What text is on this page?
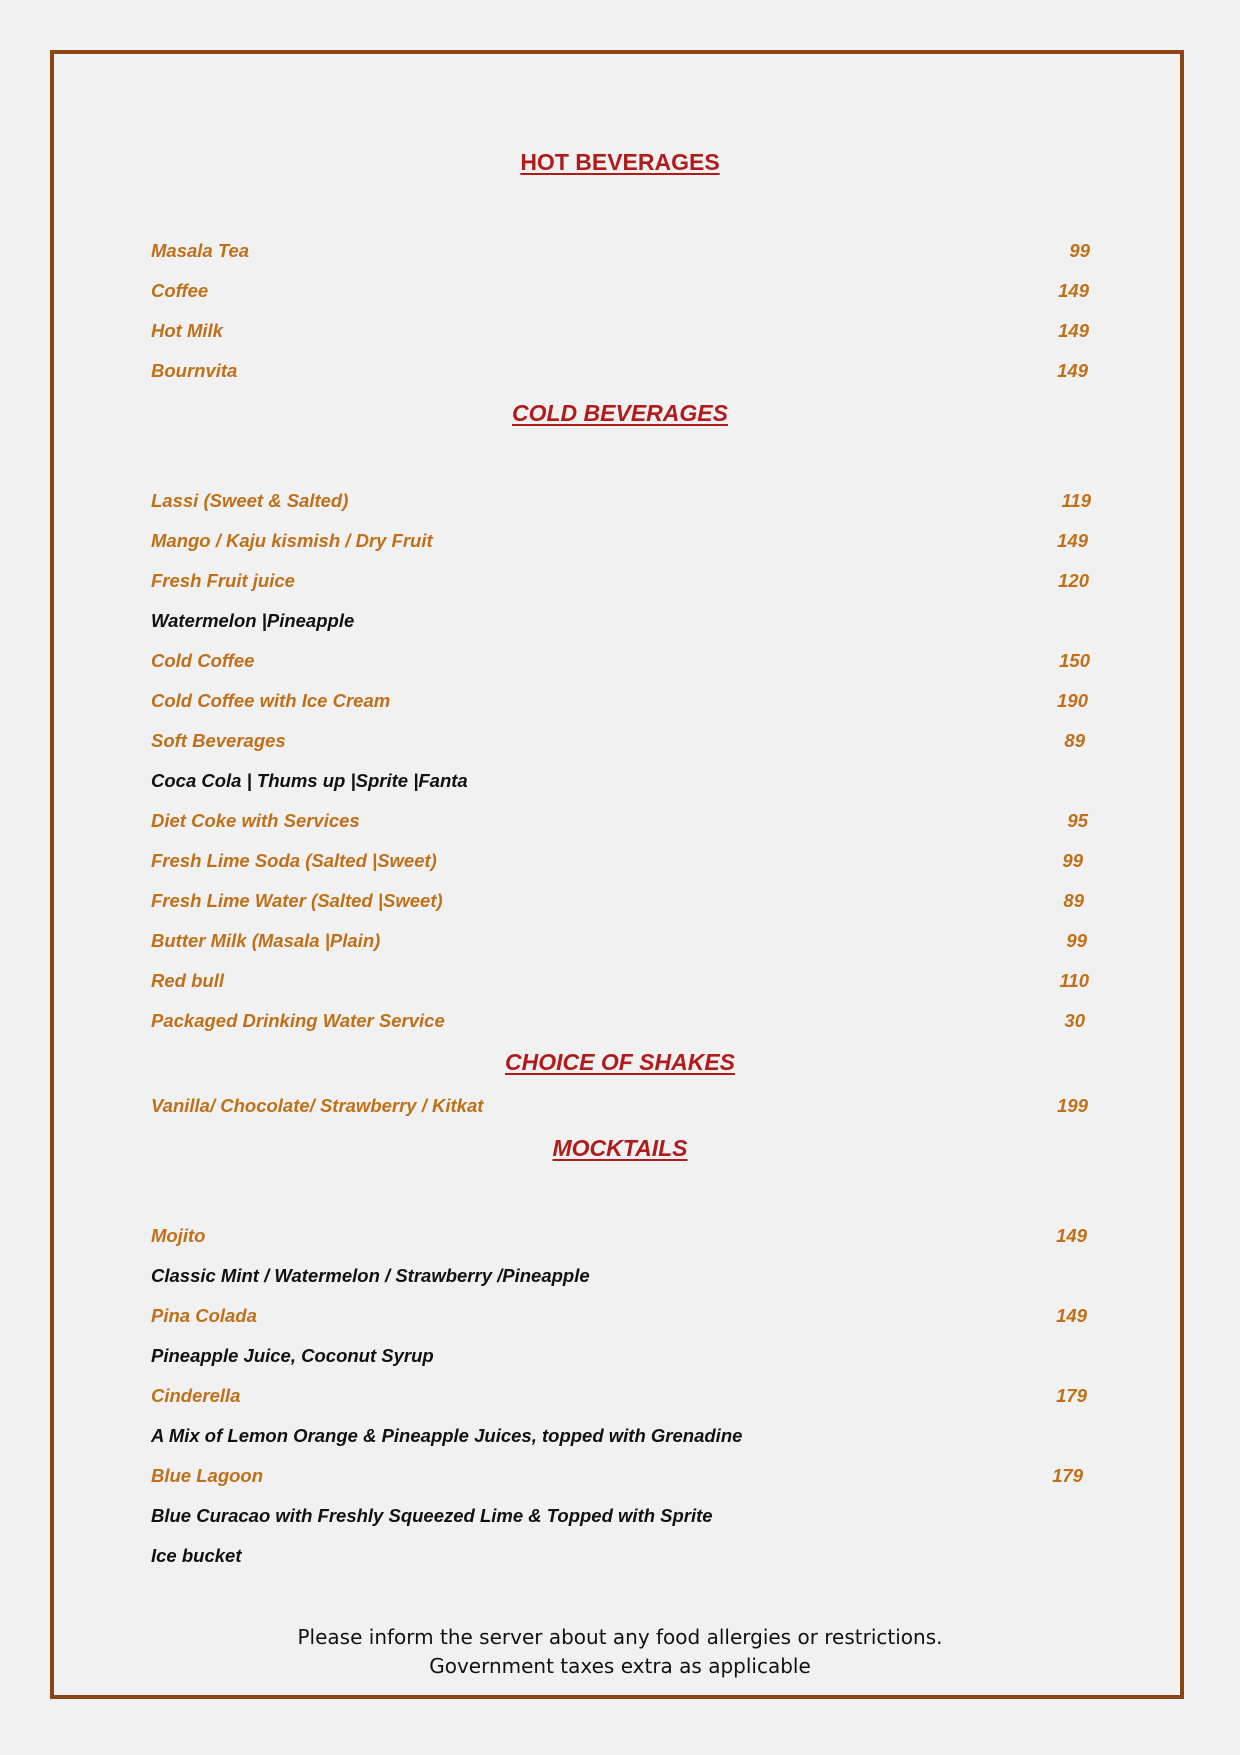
HOT BEVERAGES
Masala Tea	99
Coffee	149
Hot Milk	149
Bournvita	149
COLD BEVERAGES
Lassi (Sweet & Salted)	119
Mango / Kaju kismish / Dry Fruit	149
Fresh Fruit juice	120
Watermelon |Pineapple
Cold Coffee	150
Cold Coffee with Ice Cream	190
Soft Beverages	89
Coca Cola | Thums up |Sprite |Fanta
Diet Coke with Services	95
Fresh Lime Soda (Salted |Sweet)	99
Fresh Lime Water (Salted |Sweet)	89
Butter Milk (Masala |Plain)	99
Red bull	110
Packaged Drinking Water Service	30
CHOICE OF SHAKES
Vanilla/ Chocolate/ Strawberry / Kitkat	199
MOCKTAILS
Mojito	149
Classic Mint / Watermelon / Strawberry /Pineapple
Pina Colada	149
Pineapple Juice, Coconut Syrup
Cinderella	179
A Mix of Lemon Orange & Pineapple Juices, topped with Grenadine
Blue Lagoon	179
Blue Curacao with Freshly Squeezed Lime & Topped with Sprite
Ice bucket
Please inform the server about any food allergies or restrictions.
Government taxes extra as applicable
